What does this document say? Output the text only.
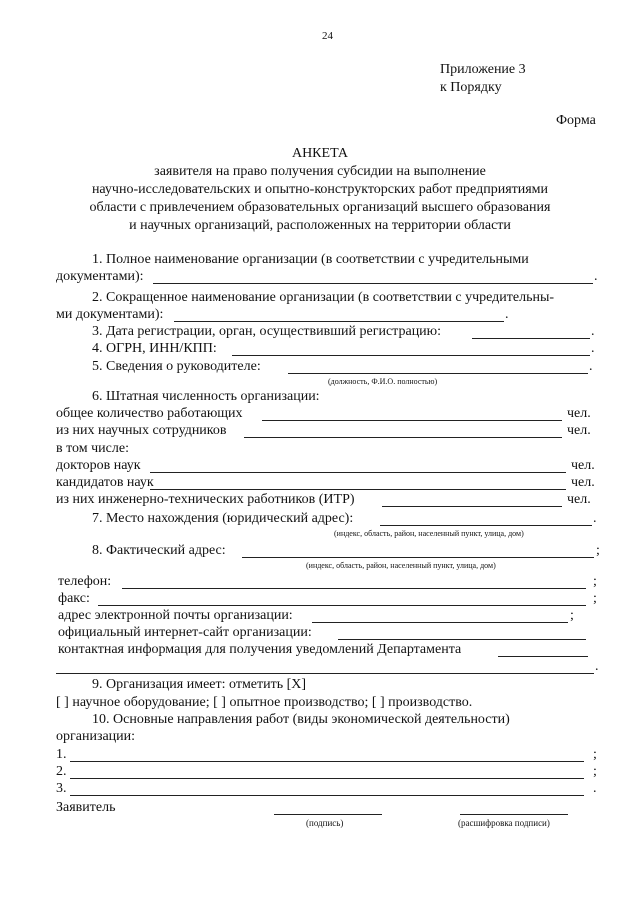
24
Приложение 3
к Порядку
Форма
АНКЕТА
заявителя на право получения субсидии на выполнение
научно-исследовательских и опытно-конструкторских работ предприятиями
области с привлечением образовательных организаций высшего образования
и научных организаций, расположенных на территории области
1. Полное наименование организации (в соответствии с учредительными
документами):	.
2. Сокращенное наименование организации (в соответствии с учредительны-
ми документами):	.
3. Дата регистрации, орган, осуществивший регистрацию:	.
4. ОГРН, ИНН/КПП:	.
5. Сведения о руководителе:	.
(должность, Ф.И.О. полностью)
6. Штатная численность организации:
общее количество работающих	чел.
из них научных сотрудников	чел.
в том числе:
докторов наук	чел.
кандидатов наук	чел.
из них инженерно-технических работников (ИТР)	чел.
7. Место нахождения (юридический адрес):	.
(индекс, область, район, населенный пункт, улица, дом)
8. Фактический адрес:	;
(индекс, область, район, населенный пункт, улица, дом)
телефон:	;
факс:	;
адрес электронной почты организации:	;
официальный интернет-сайт организации:
контактная информация для получения уведомлений Департамента
.
9. Организация имеет: отметить [X]
[ ] научное оборудование; [ ] опытное производство; [ ] производство.
10. Основные направления работ (виды экономической деятельности)
организации:
1.	;
2.	;
3.	.
Заявитель
(подпись)	(расшифровка подписи)
